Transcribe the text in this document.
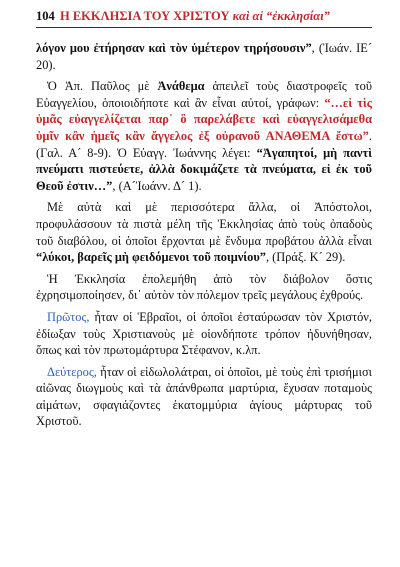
104 Η ΕΚΚΛΗΣΙΑ ΤΟΥ ΧΡΙΣΤΟΥ καὶ αἱ “ἐκκλησίαι”

λόγον μου ἐτήρησαν καὶ τὸν ὑμέτερον τηρήσουσιν”, (Ἰωάν. ΙΕ´ 20).

Ὁ Ἀπ. Παῦλος μὲ Ἀνάθεμα ἀπειλεῖ τοὺς διαστροφεῖς τοῦ Εὐαγγελίου, ὁποιοιδήποτε καὶ ἂν εἶναι αὐτοί, γράφων: “…εἰ τὶς ὑμᾶς εὐαγγελίζεται παρ᾽ ὃ παρελάβετε καὶ εὐαγγελισάμεθα ὑμῖν κἂν ἡμεῖς κἂν ἄγγελος ἐξ οὐρανοῦ ΑΝΑΘΕΜΑ ἔστω”. (Γαλ. Α´ 8-9). Ὁ Εὐαγγ. Ἰωάννης λέγει: “Ἀγαπητοί, μὴ παντὶ πνεύματι πιστεύετε, ἀλλὰ δοκιμάζετε τὰ πνεύματα, εἰ ἐκ τοῦ Θεοῦ ἐστιν…”, (Α´Ἰωάνν. Δ´ 1).

Μὲ αὐτὰ καὶ μὲ περισσότερα ἄλλα, οἱ Ἀπόστολοι, προφυλάσσουν τὰ πιστὰ μέλη τῆς Ἐκκλησίας ἀπὸ τοὺς ὀπαδοὺς τοῦ διαβόλου, οἱ ὁποῖοι ἔρχονται μὲ ἔνδυμα προβάτου ἀλλὰ εἶναι “λύκοι, βαρεῖς μὴ φειδόμενοι τοῦ ποιμνίου”, (Πράξ. Κ´ 29).

Ἡ Ἐκκλησία ἐπολεμήθη ἀπὸ τὸν διάβολον ὅστις ἐχρησιμοποίησεν, δι᾽ αὐτὸν τὸν πόλεμον τρεῖς μεγάλους ἐχθρούς.

Πρῶτος, ἦταν οἱ Ἑβραῖοι, οἱ ὁποῖοι ἐσταύρωσαν τὸν Χριστόν, ἐδίωξαν τοὺς Χριστιανοὺς μὲ οἱονδήποτε τρόπον ἠδυνήθησαν, ὅπως καὶ τὸν πρωτομάρτυρα Στέφανον, κ.λπ.

Δεύτερος, ἦταν οἱ εἰδωλολάτραι, οἱ ὁποῖοι, μὲ τοὺς ἐπὶ τρισήμισι αἰῶνας διωγμοὺς καὶ τὰ ἀπάνθρωπα μαρτύρια, ἔχυσαν ποταμοὺς αἱμάτων, σφαγιάζοντες ἑκατομμύρια ἁγίους μάρτυρας τοῦ Χριστοῦ.
